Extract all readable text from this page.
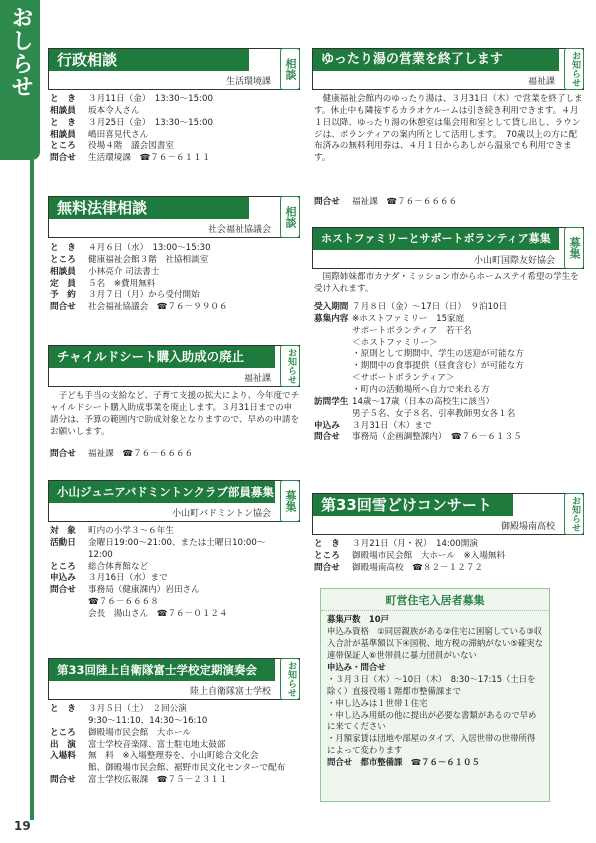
おしらせ
19
行政相談
生活環境課
相談
と　き	３月11日（金）　13:30～15:00
相談員	坂本令人さん
と　き	３月25日（金）　13:30～15:00
相談員	嶋田喜見代さん
ところ	役場４階　議会図書室
問合せ	生活環境課　☎７６－６１１１
無料法律相談
社会福祉協議会
相談
と　き	４月６日（水）　13:00～15:30
ところ	健康福祉会館３階　社協相談室
相談員	小林亮介 司法書士
定　員	５名　※費用無料
予　約	３月７日（月）から受付開始
問合せ	社会福祉協議会　☎７６－９９０６
チャイルドシート購入助成の廃止
福祉課	お知らせ
子ども手当の支給など、子育て支援の拡大により、今年度でチャイルドシート購入助成事業を廃止します。３月31日までの申請分は、予算の範囲内で助成対象となりますので、早めの申請をお願いします。
問合せ	福祉課　☎７６－６６６６
小山ジュニアバドミントンクラブ部員募集
小山町バドミントン協会
募集
対　象	町内の小学３～６年生
活動日	金曜日19:00～21:00、または土曜日10:00～
12:00
ところ	総合体育館など
申込み	３月16日（水）まで
問合せ	事務局（健康課内）岩田さん
☎７６－６６６８
会長　湯山さん　☎７６－０１２４
第33回陸上自衛隊富士学校定期演奏会
陸上自衛隊富士学校	お知らせ
と　き	３月５日（土）　２回公演
9:30～11:10、14:30～16:10
ところ	御殿場市民会館　大ホール
出　演	富士学校音楽隊、富士駐屯地太鼓部
入場料	無　料　※入場整理券を、小山町総合文化会
館、御殿場市民会館、裾野市民文化センターで配布
問合せ	富士学校広報課　☎７５－２３１１
ゆったり湯の営業を終了します
福祉課	お知らせ
健康福祉会館内のゆったり湯は、３月31日（木）で営業を終了します。休止中も隣接するカラオケルームは引き続き利用できます。４月１日以降、ゆったり湯の休憩室は集会用和室として貸し出し、ラウンジは、ボランティアの案内所として活用します。　70歳以上の方に配布済みの無料利用券は、４月１日からあしがら温泉でも利用できます。
問合せ	福祉課　☎７６－６６６６
ホストファミリーとサポートボランティア募集
小山町国際友好協会
募集
国際姉妹都市カナダ・ミッション市からホームステイ希望の学生を受け入れます。
受入期間 ７月８日（金）～17日（日）　９泊10日
募集内容 ※ホストファミリー　15家庭
サポートボランティア　若干名
＜ホストファミリー＞
・原則として期間中、学生の送迎が可能な方
・期間中の食事提供（昼食含む）が可能な方
＜サポートボランティア＞
・町内の活動場所へ自力で来れる方
訪問学生 14歳～17歳（日本の高校生に該当）
男子５名、女子８名、引率教師男女各１名
申込み	３月31日（木）まで
問合せ	事務局（企画調整課内）　☎７６－６１３５
第33回雪どけコンサート
御殿場南高校	お知らせ
と　き	３月21日（月・祝）　14:00開演
ところ	御殿場市民会館　大ホール　※入場無料
問合せ	御殿場南高校　☎８２－１２７２
町営住宅入居者募集
募集戸数　10戸
申込み資格　①同居親族がある②住宅に困窮している③収入合計が基準額以下④国税、地方税の滞納がない⑤確実な連帯保証人⑥世帯員に暴力団員がいない
申込み・問合せ
・３月３日（木）～10日（木）　8:30～17:15（土日を除く）直接役場１階都市整備課まで
・申し込みは１世帯１住宅
・申し込み用紙の他に提出が必要な書類があるので早めに来てください
・月額家賃は団地や部屋のタイプ、入居世帯の世帯所得によって変わります
問合せ　都市整備課　☎７６－６１０５
